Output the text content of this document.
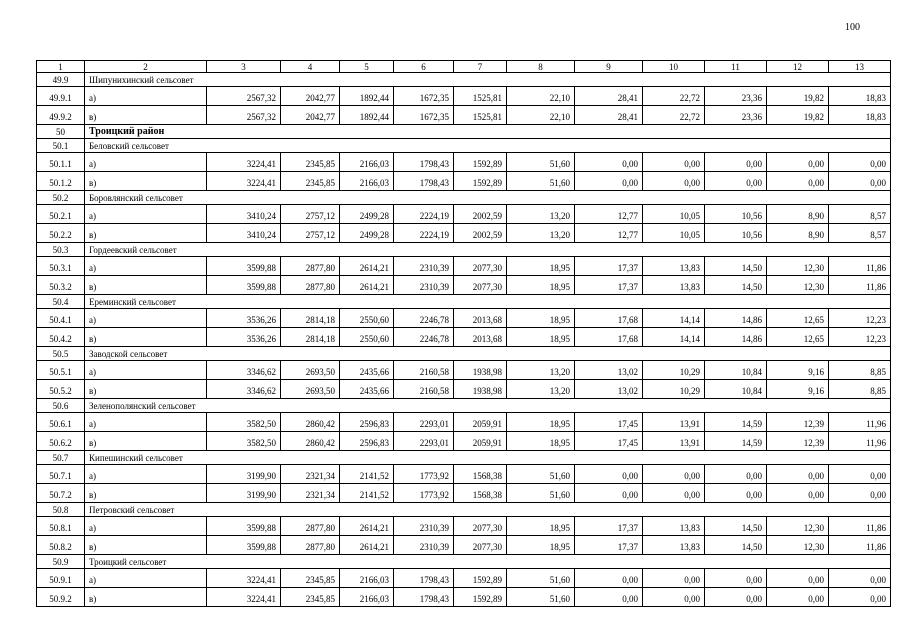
100
1	2	3	4	5	6	7	8	9	10	11	12	13
49.9	Шипунихинский сельсовет											
49.9.1	а)	2567,32	2042,77	1892,44	1672,35	1525,81	22,10	28,41	22,72	23,36	19,82	18,83
49.9.2	в)	2567,32	2042,77	1892,44	1672,35	1525,81	22,10	28,41	22,72	23,36	19,82	18,83
50	Троицкий район											
50.1	Беловский сельсовет											
50.1.1	а)	3224,41	2345,85	2166,03	1798,43	1592,89	51,60	0,00	0,00	0,00	0,00	0,00
50.1.2	в)	3224,41	2345,85	2166,03	1798,43	1592,89	51,60	0,00	0,00	0,00	0,00	0,00
50.2	Боровлянский сельсовет											
50.2.1	а)	3410,24	2757,12	2499,28	2224,19	2002,59	13,20	12,77	10,05	10,56	8,90	8,57
50.2.2	в)	3410,24	2757,12	2499,28	2224,19	2002,59	13,20	12,77	10,05	10,56	8,90	8,57
50.3	Гордеевский сельсовет											
50.3.1	а)	3599,88	2877,80	2614,21	2310,39	2077,30	18,95	17,37	13,83	14,50	12,30	11,86
50.3.2	в)	3599,88	2877,80	2614,21	2310,39	2077,30	18,95	17,37	13,83	14,50	12,30	11,86
50.4	Ереминский сельсовет											
50.4.1	а)	3536,26	2814,18	2550,60	2246,78	2013,68	18,95	17,68	14,14	14,86	12,65	12,23
50.4.2	в)	3536,26	2814,18	2550,60	2246,78	2013,68	18,95	17,68	14,14	14,86	12,65	12,23
50.5	Заводской сельсовет											
50.5.1	а)	3346,62	2693,50	2435,66	2160,58	1938,98	13,20	13,02	10,29	10,84	9,16	8,85
50.5.2	в)	3346,62	2693,50	2435,66	2160,58	1938,98	13,20	13,02	10,29	10,84	9,16	8,85
50.6	Зеленополянский сельсовет											
50.6.1	а)	3582,50	2860,42	2596,83	2293,01	2059,91	18,95	17,45	13,91	14,59	12,39	11,96
50.6.2	в)	3582,50	2860,42	2596,83	2293,01	2059,91	18,95	17,45	13,91	14,59	12,39	11,96
50.7	Кипешинский сельсовет											
50.7.1	а)	3199,90	2321,34	2141,52	1773,92	1568,38	51,60	0,00	0,00	0,00	0,00	0,00
50.7.2	в)	3199,90	2321,34	2141,52	1773,92	1568,38	51,60	0,00	0,00	0,00	0,00	0,00
50.8	Петровский сельсовет											
50.8.1	а)	3599,88	2877,80	2614,21	2310,39	2077,30	18,95	17,37	13,83	14,50	12,30	11,86
50.8.2	в)	3599,88	2877,80	2614,21	2310,39	2077,30	18,95	17,37	13,83	14,50	12,30	11,86
50.9	Троицкий сельсовет											
50.9.1	а)	3224,41	2345,85	2166,03	1798,43	1592,89	51,60	0,00	0,00	0,00	0,00	0,00
50.9.2	в)	3224,41	2345,85	2166,03	1798,43	1592,89	51,60	0,00	0,00	0,00	0,00	0,00
